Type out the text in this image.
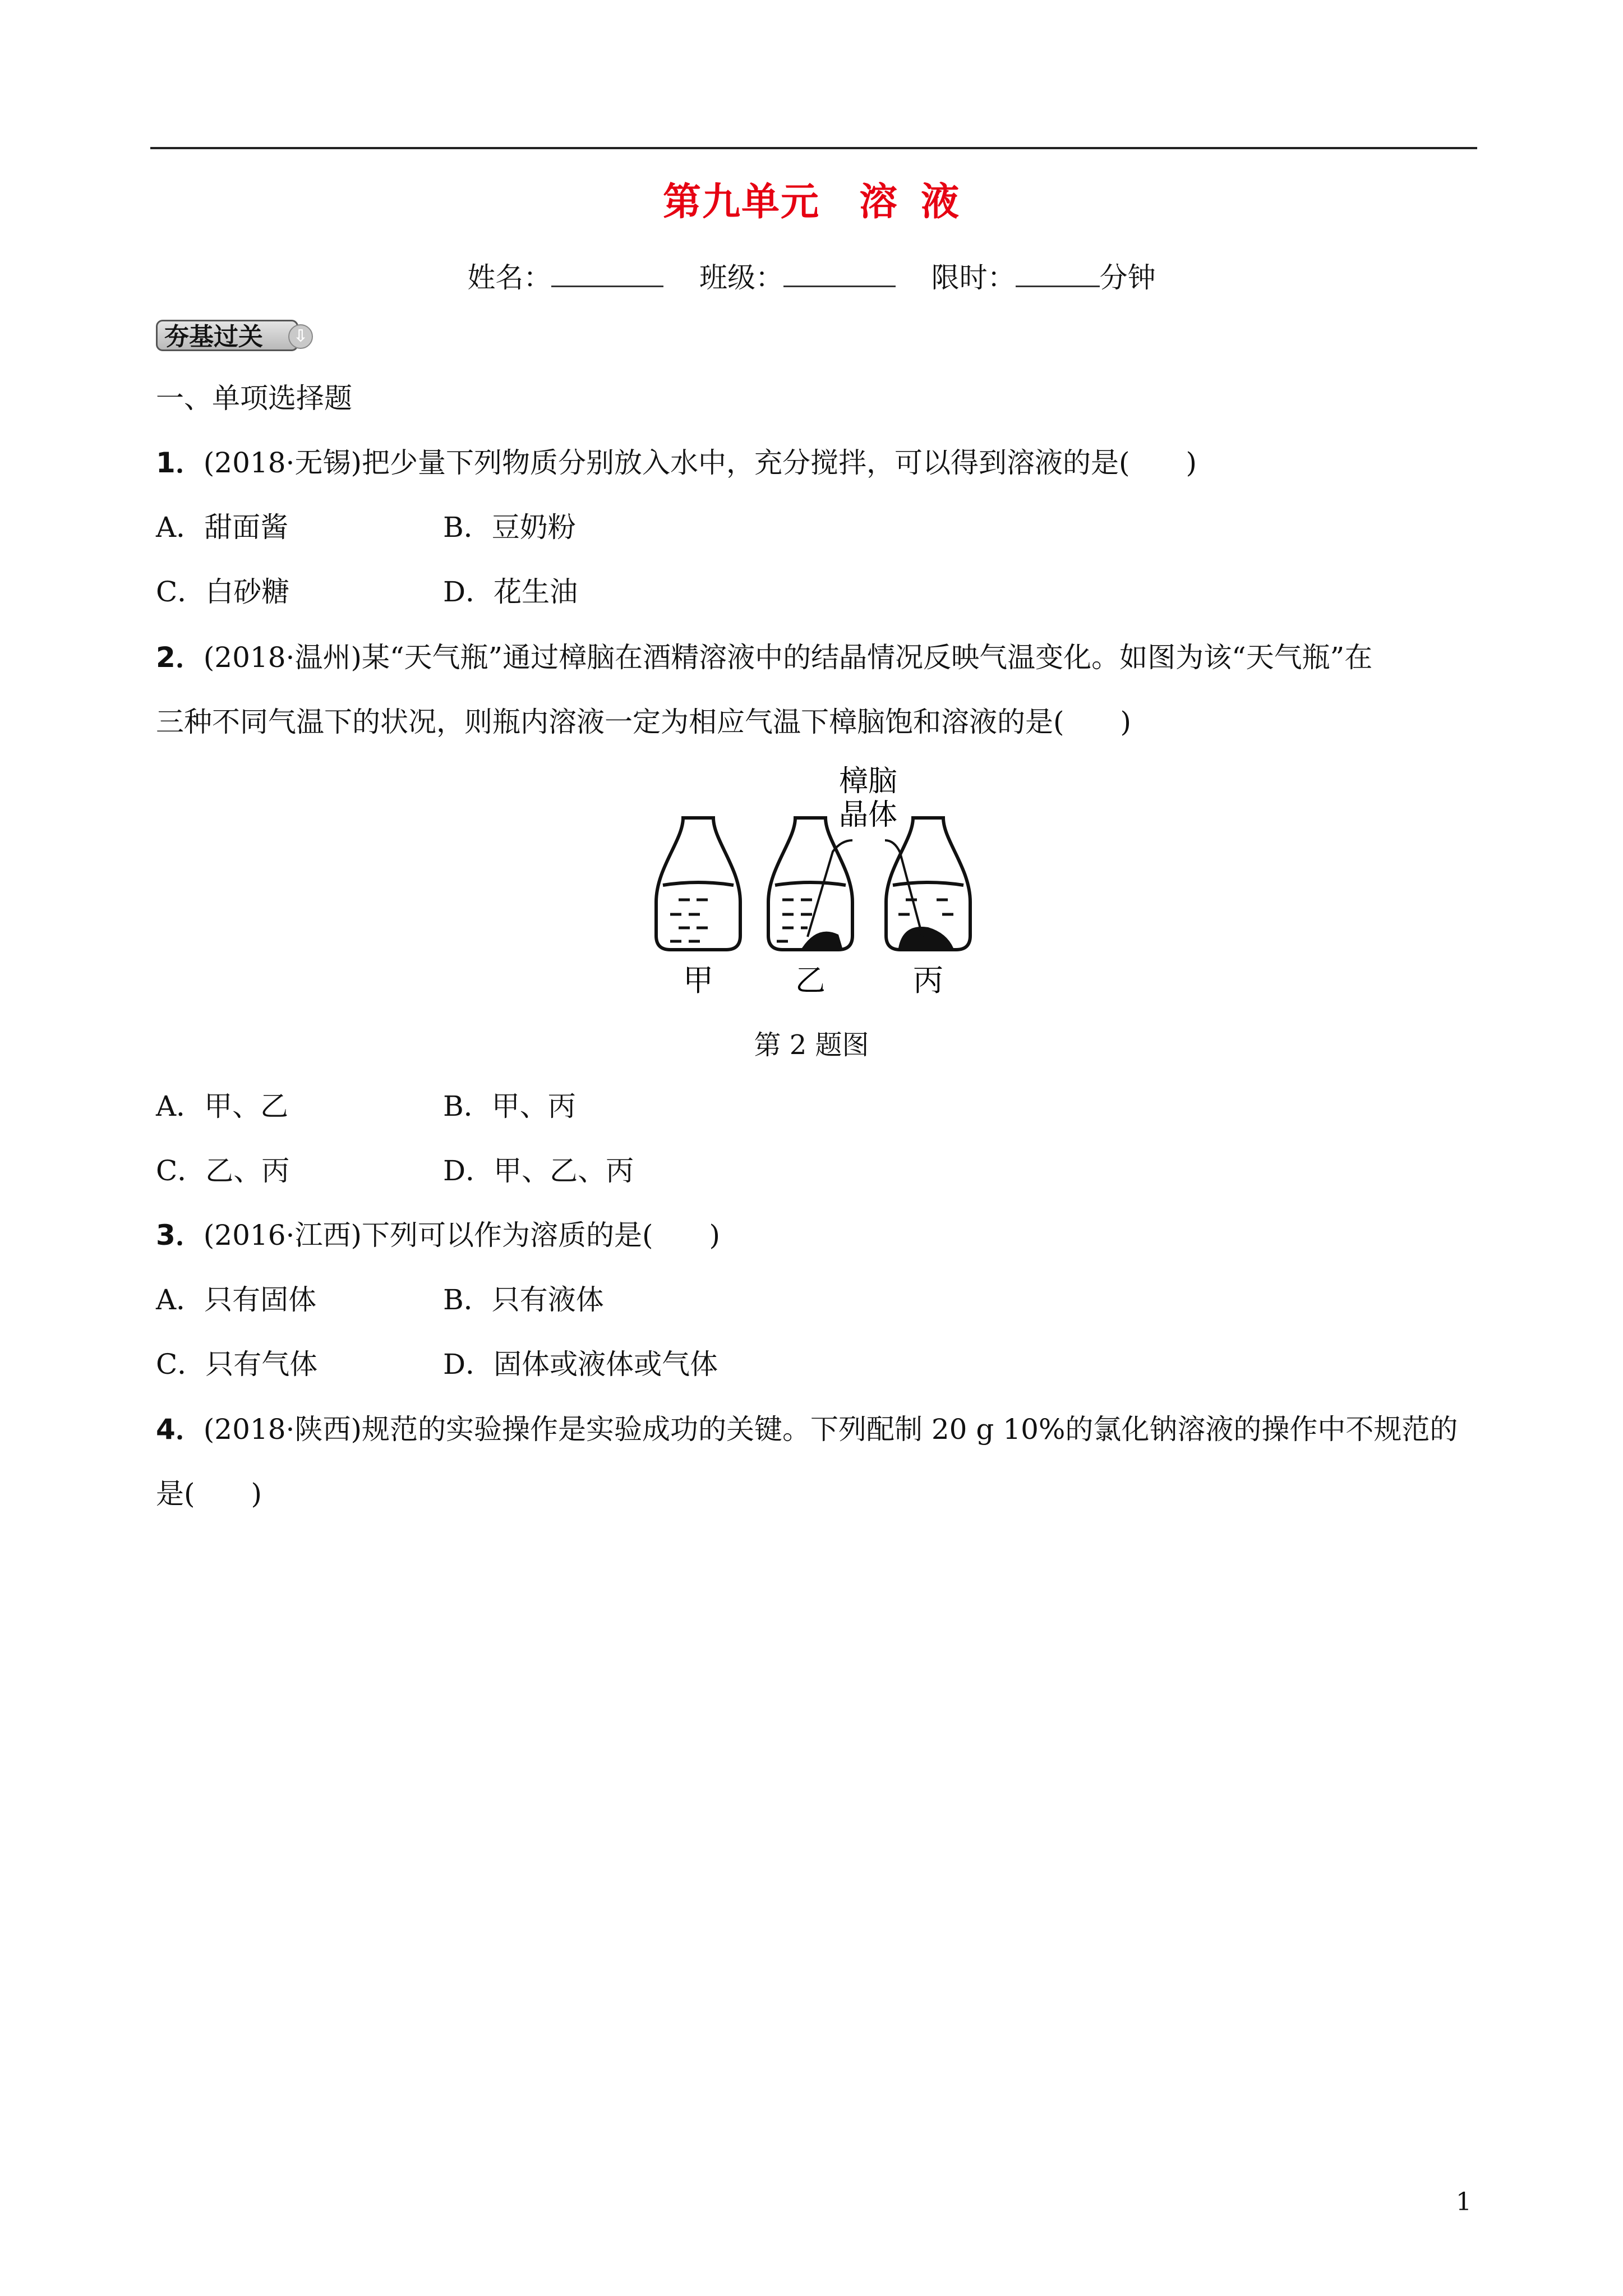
第九单元 溶 液
姓名：	班级：	限时：	分钟
夯基过关	⇩
一、单项选择题
1．(2018·无锡)把少量下列物质分别放入水中，充分搅拌，可以得到溶液的是(　　)
A．甜面酱	B．豆奶粉
C．白砂糖	D．花生油
2．(2018·温州)某“天气瓶”通过樟脑在酒精溶液中的结晶情况反映气温变化。如图为该“天气瓶”在
三种不同气温下的状况，则瓶内溶液一定为相应气温下樟脑饱和溶液的是(　　)
樟脑
晶体
甲	乙	丙
第 2 题图
A．甲、乙	B．甲、丙
C．乙、丙	D．甲、乙、丙
3．(2016·江西)下列可以作为溶质的是(　　)
A．只有固体	B．只有液体
C．只有气体	D．固体或液体或气体
4．(2018·陕西)规范的实验操作是实验成功的关键。下列配制 20 g 10%的氯化钠溶液的操作中不规范的
是(　　)
1
